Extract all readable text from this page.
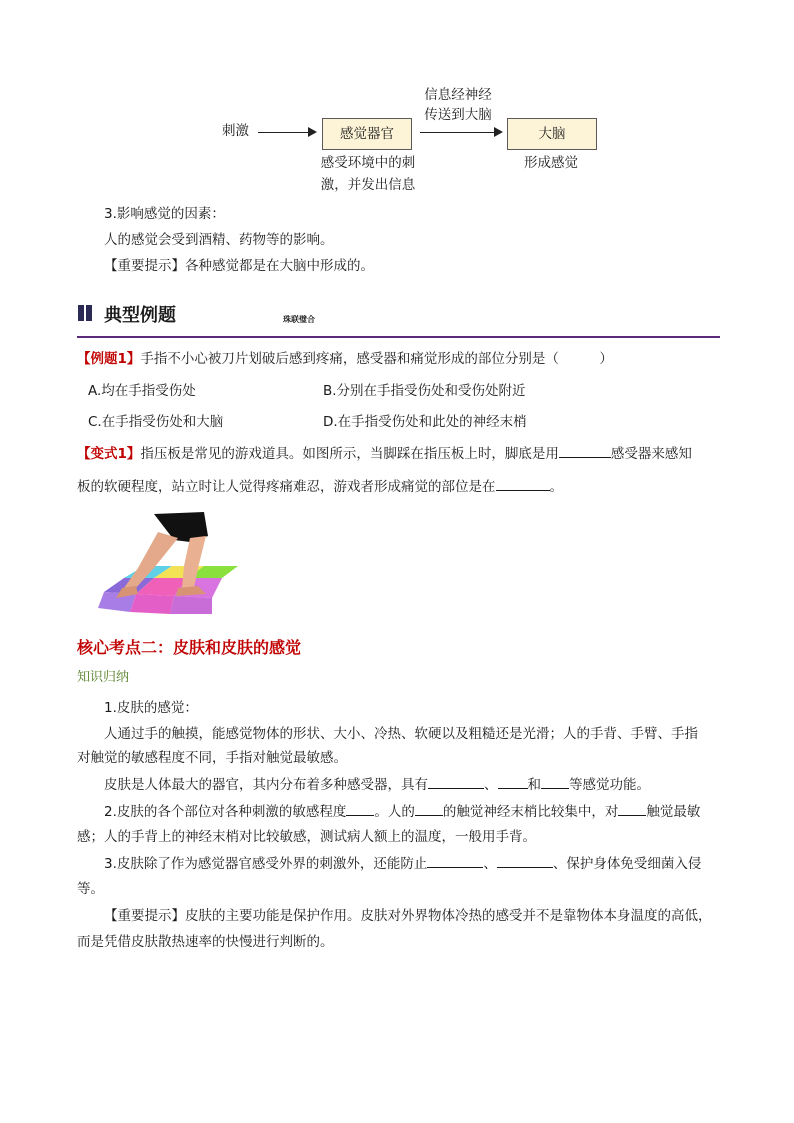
刺激	感觉器官
感受环境中的刺
激，并发出信息
信息经神经
传送到大脑
大脑
形成感觉
3.影响感觉的因素：
人的感觉会受到酒精、药物等的影响。
【重要提示】各种感觉都是在大脑中形成的。
典型例题	珠联璧合
【例题1】手指不小心被刀片划破后感到疼痛，感受器和痛觉形成的部位分别是（　　　）
A.均在手指受伤处	B.分别在手指受伤处和受伤处附近
C.在手指受伤处和大脑	D.在手指受伤处和此处的神经末梢
【变式1】指压板是常见的游戏道具。如图所示，当脚踩在指压板上时，脚底是用	感受器来感知
板的软硬程度，站立时让人觉得疼痛难忍，游戏者形成痛觉的部位是在	。
核心考点二：皮肤和皮肤的感觉
知识归纳
1.皮肤的感觉：
人通过手的触摸，能感觉物体的形状、大小、冷热、软硬以及粗糙还是光滑；人的手背、手臂、手指
对触觉的敏感程度不同，手指对触觉最敏感。
皮肤是人体最大的器官，其内分布着多种感受器，具有	、 和 等感觉功能。
2.皮肤的各个部位对各种刺激的敏感程度 。人的 的触觉神经末梢比较集中，对 触觉最敏
感；人的手背上的神经末梢对比较敏感，测试病人额上的温度，一般用手背。
3.皮肤除了作为感觉器官感受外界的刺激外，还能防止	、	、保护身体免受细菌入侵
等。
【重要提示】皮肤的主要功能是保护作用。皮肤对外界物体冷热的感受并不是靠物体本身温度的高低，
而是凭借皮肤散热速率的快慢进行判断的。
